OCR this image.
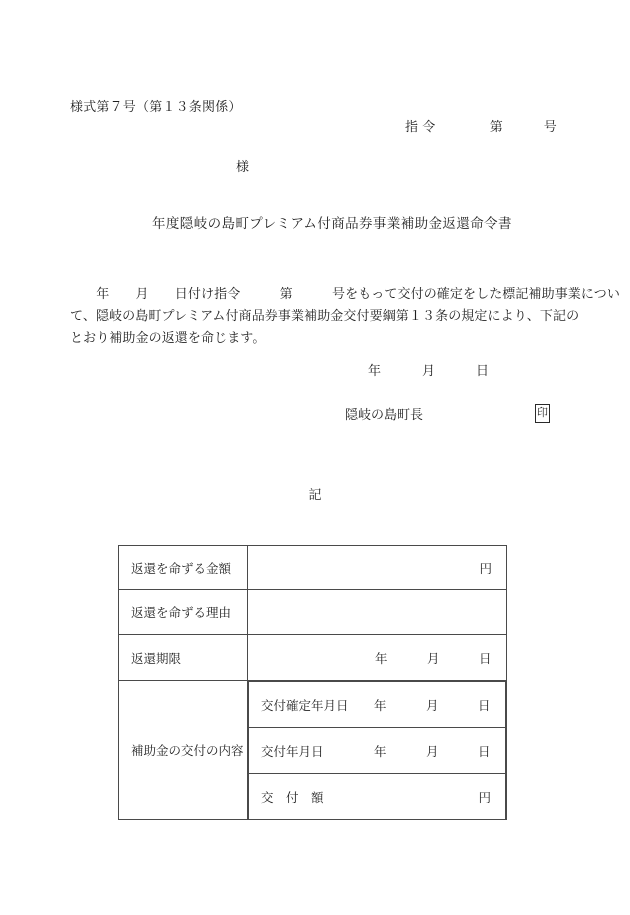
様式第７号（第１３条関係）
指 令　　　　第　　　号
様
年度隠岐の島町プレミアム付商品券事業補助金返還命令書
　　年　　月　　日付け指令　　　第　　　号をもって交付の確定をした標記補助事業につい
て、隠岐の島町プレミアム付商品券事業補助金交付要綱第１３条の規定により、下記の
とおり補助金の返還を命じます。
年　　　月　　　日
隠岐の島町長	印
記
返還を命ずる金額	円

返還を命ずる理由

返還期限	年　　　月　　　日

補助金の交付の内容

交付確定年月日 年　　　月　　　日

交付年月日	年　　　月　　　日

交　付　額	円
